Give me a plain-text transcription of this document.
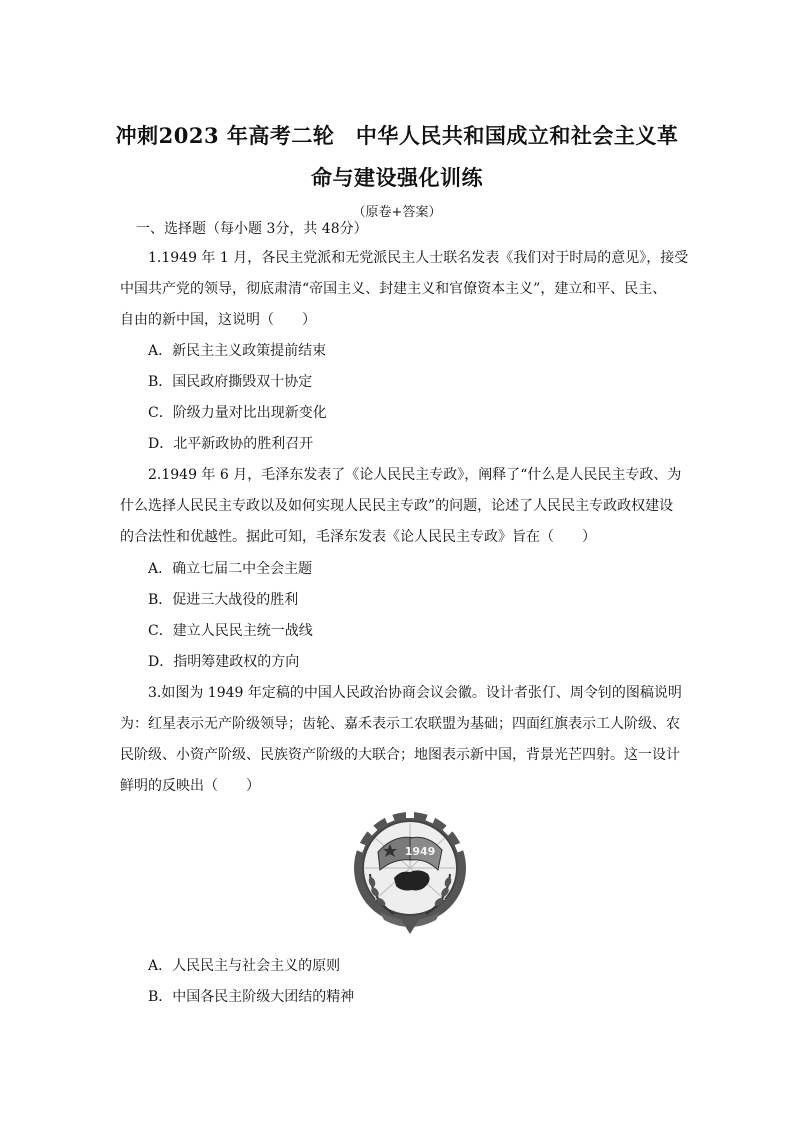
冲刺2023 年高考二轮　中华人民共和国成立和社会主义革
命与建设强化训练
（原卷+答案）
一、选择题（每小题 3分，共 48分）
1.1949 年 1 月，各民主党派和无党派民主人士联名发表《我们对于时局的意见》，接受
中国共产党的领导，彻底肃清“帝国主义、封建主义和官僚资本主义”，建立和平、民主、
自由的新中国，这说明（　　）
A．新民主主义政策提前结束
B．国民政府撕毁双十协定
C．阶级力量对比出现新变化
D．北平新政协的胜利召开
2.1949 年 6 月，毛泽东发表了《论人民民主专政》，阐释了“什么是人民民主专政、为
什么选择人民民主专政以及如何实现人民民主专政”的问题，论述了人民民主专政政权建设
的合法性和优越性。据此可知，毛泽东发表《论人民民主专政》旨在（　　）
A．确立七届二中全会主题
B．促进三大战役的胜利
C．建立人民民主统一战线
D．指明筹建政权的方向
3.如图为 1949 年定稿的中国人民政治协商会议会徽。设计者张仃、周令钊的图稿说明
为：红星表示无产阶级领导；齿轮、嘉禾表示工农联盟为基础；四面红旗表示工人阶级、农
民阶级、小资产阶级、民族资产阶级的大联合；地图表示新中国，背景光芒四射。这一设计
鲜明的反映出（　　）
1949
A．人民民主与社会主义的原则
B．中国各民主阶级大团结的精神
